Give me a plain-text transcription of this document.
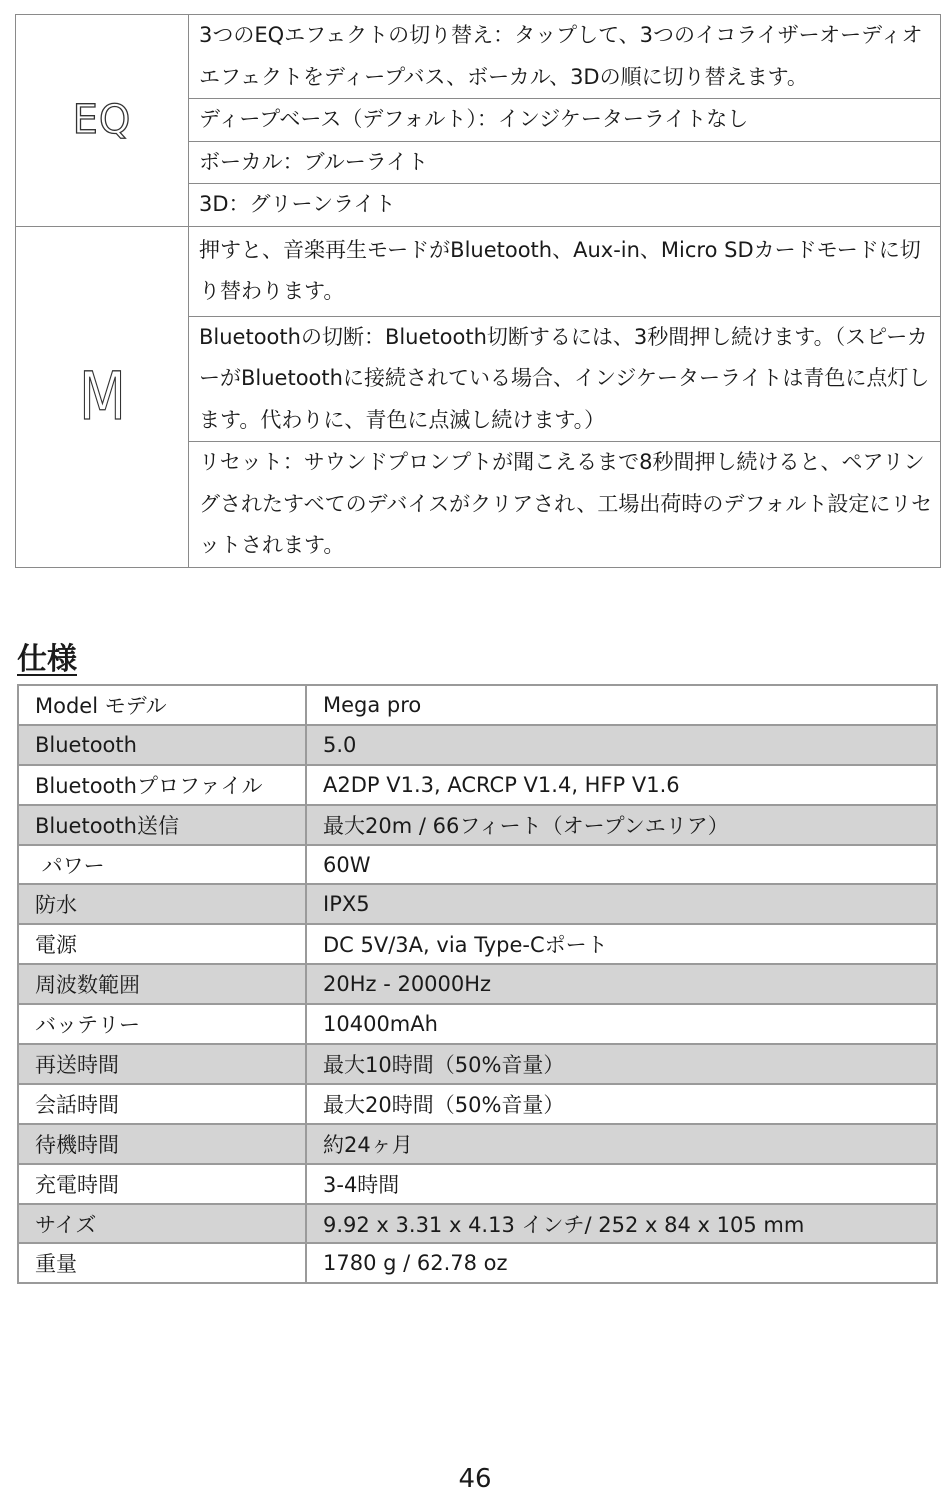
EQ	3つのEQエフェクトの切り替え：タップして、3つのイコライザーオーディオエフェクトをディープバス、ボーカル、3Dの順に切り替えます。
	ディープベース（デフォルト）：インジケーターライトなし
	ボーカル：ブルーライト
	3D：グリーンライト
M	押すと、音楽再生モードがBluetooth、Aux-in、Micro SDカードモードに切り替わります。
	Bluetoothの切断：Bluetooth切断するには、3秒間押し続けます。（スピーカーがBluetoothに接続されている場合、インジケーターライトは青色に点灯します。代わりに、青色に点滅し続けます。）
	リセット：サウンドプロンプトが聞こえるまで8秒間押し続けると、ペアリングされたすべてのデバイスがクリアされ、工場出荷時のデフォルト設定にリセットされます。
仕様
Model モデル	Mega pro
Bluetooth	5.0
Bluetoothプロファイル	A2DP V1.3, ACRCP V1.4, HFP V1.6
Bluetooth送信	最大20m / 66フィート（オープンエリア）
パワー	60W
防水	IPX5
電源	DC 5V/3A, via Type-Cポート
周波数範囲	20Hz - 20000Hz
バッテリー	10400mAh
再送時間	最大10時間（50%音量）
会話時間	最大20時間（50%音量）
待機時間	約24ヶ月
充電時間	3-4時間
サイズ	9.92 x 3.31 x 4.13 インチ/ 252 x 84 x 105 mm
重量	1780 g / 62.78 oz

46
